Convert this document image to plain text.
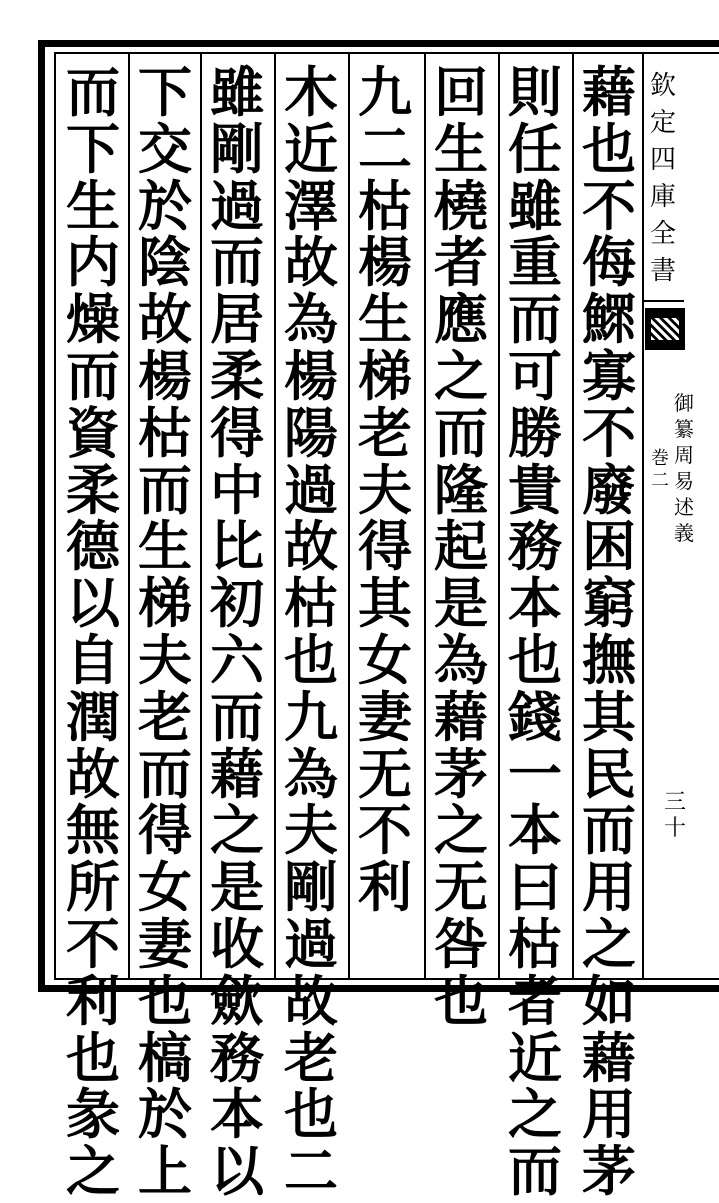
藉
也
不
侮
鰥
寡
不
廢
困
窮
撫
其
民
而
用
之
如
藉
用
茅
則
任
雖
重
而
可
勝
貴
務
本
也
錢
一
本
曰
枯
者
近
之
而
回
生
橈
者
應
之
而
隆
起
是
為
藉
茅
之
无
咎
也
九
二
枯
楊
生
梯
老
夫
得
其
女
妻
无
不
利
木
近
澤
故
為
楊
陽
過
故
枯
也
九
為
夫
剛
過
故
老
也
二
雖
剛
過
而
居
柔
得
中
比
初
六
而
藉
之
是
收
歛
務
本
以
下
交
於
陰
故
楊
枯
而
生
梯
夫
老
而
得
女
妻
也
槁
於
上
而
下
生
内
燥
而
資
柔
德
以
自
潤
故
無
所
不
利
也
彖
之
欽
定
四
庫
全
書
御
纂
周
易
述
義
巻
二
三十
